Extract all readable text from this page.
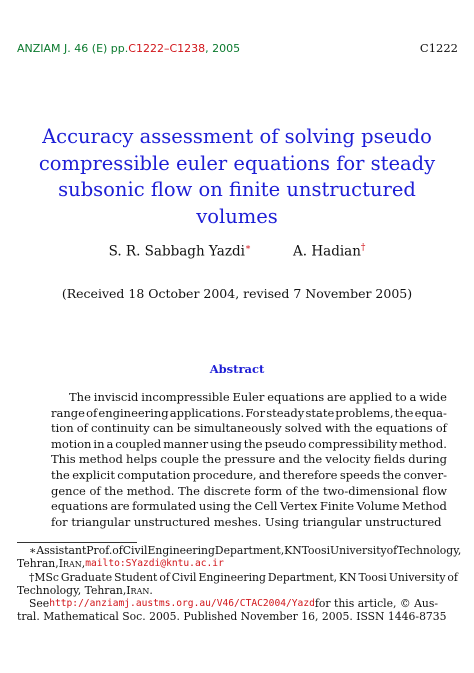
ANZIAM J. 46 (E) pp.C1222–C1238, 2005	C1222
Accuracy assessment of solving pseudo
compressible euler equations for steady
subsonic flow on finite unstructured volumes
S. R. Sabbagh Yazdi∗	A. Hadian†
(Received 18 October 2004, revised 7 November 2005)
Abstract
The inviscid incompressible Euler equations are applied to a wide
range of engineering applications. For steady state problems, the equa-
tion of continuity can be simultaneously solved with the equations of
motion in a coupled manner using the pseudo compressibility method.
This method helps couple the pressure and the velocity fields during
the explicit computation procedure, and therefore speeds the conver-
gence of the method. The discrete form of the two-dimensional flow
equations are formulated using the Cell Vertex Finite Volume Method
for triangular unstructured meshes. Using triangular unstructured
∗Assistant Prof. of Civil Engineering Department, KN Toosi University of Technology,
Tehran, Iran , mailto:SYazdi@kntu.ac.ir
†MSc Graduate Student of Civil Engineering Department, KN Toosi University of
Technology, Tehran, Iran .
See http://anziamj.austms.org.au/V46/CTAC2004/Yazd for this article, © Aus-
tral. Mathematical Soc. 2005. Published November 16, 2005. ISSN 1446-8735
